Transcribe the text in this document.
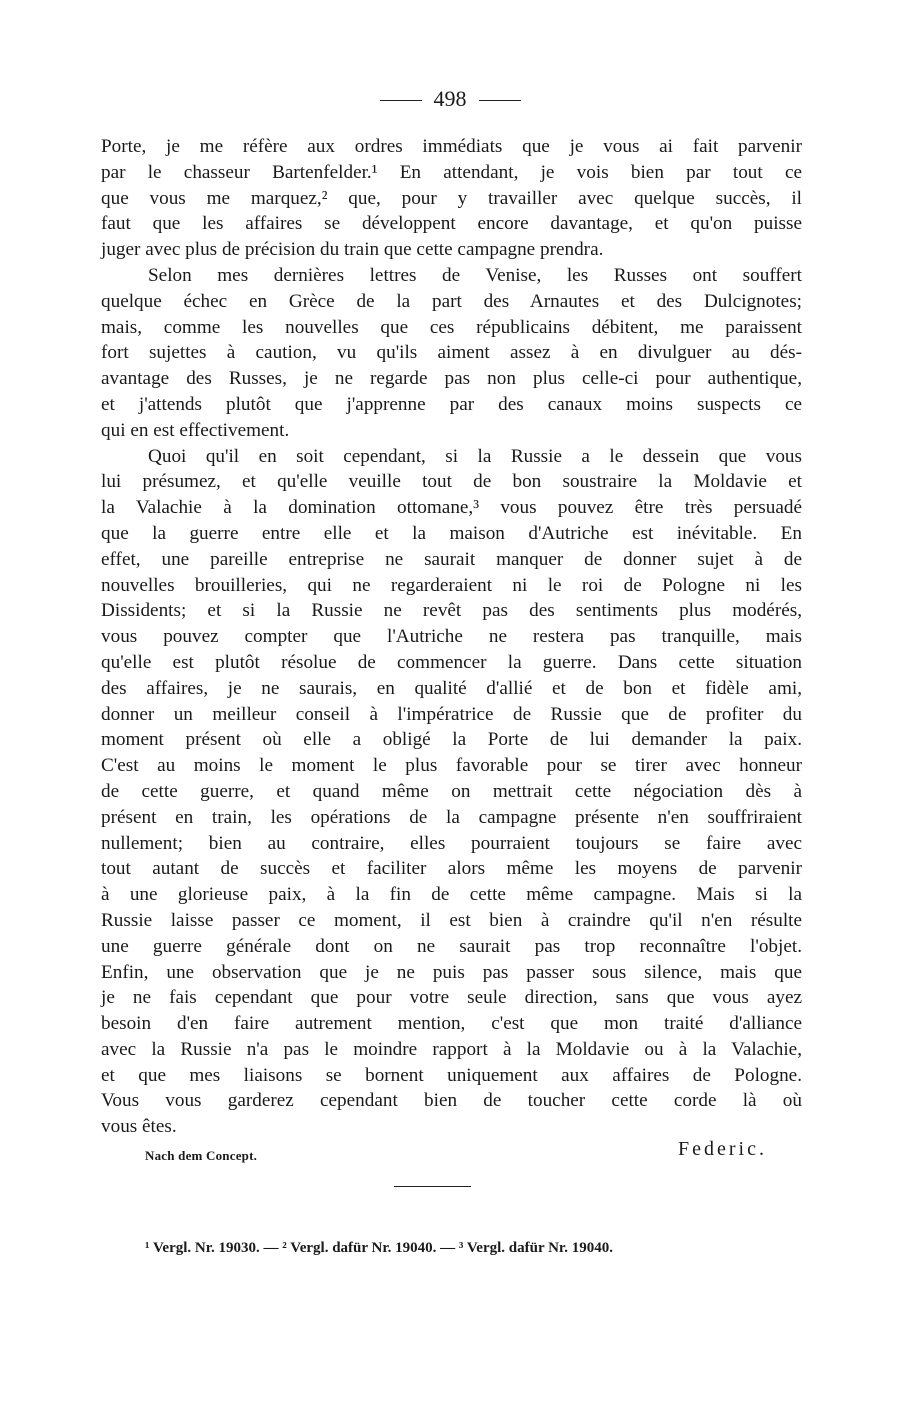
498

Porte, je me réfère aux ordres immédiats que je vous ai fait parvenir
par le chasseur Bartenfelder.¹ En attendant, je vois bien par tout ce
que vous me marquez,² que, pour y travailler avec quelque succès, il
faut que les affaires se développent encore davantage, et qu'on puisse
juger avec plus de précision du train que cette campagne prendra.

Selon mes dernières lettres de Venise, les Russes ont souffert
quelque échec en Grèce de la part des Arnautes et des Dulcignotes;
mais, comme les nouvelles que ces républicains débitent, me paraissent
fort sujettes à caution, vu qu'ils aiment assez à en divulguer au dés-
avantage des Russes, je ne regarde pas non plus celle-ci pour authentique,
et j'attends plutôt que j'apprenne par des canaux moins suspects ce
qui en est effectivement.

Quoi qu'il en soit cependant, si la Russie a le dessein que vous
lui présumez, et qu'elle veuille tout de bon soustraire la Moldavie et
la Valachie à la domination ottomane,³ vous pouvez être très persuadé
que la guerre entre elle et la maison d'Autriche est inévitable. En
effet, une pareille entreprise ne saurait manquer de donner sujet à de
nouvelles brouilleries, qui ne regarderaient ni le roi de Pologne ni les
Dissidents; et si la Russie ne revêt pas des sentiments plus modérés,
vous pouvez compter que l'Autriche ne restera pas tranquille, mais
qu'elle est plutôt résolue de commencer la guerre. Dans cette situation
des affaires, je ne saurais, en qualité d'allié et de bon et fidèle ami,
donner un meilleur conseil à l'impératrice de Russie que de profiter du
moment présent où elle a obligé la Porte de lui demander la paix.
C'est au moins le moment le plus favorable pour se tirer avec honneur
de cette guerre, et quand même on mettrait cette négociation dès à
présent en train, les opérations de la campagne présente n'en souffriraient
nullement; bien au contraire, elles pourraient toujours se faire avec
tout autant de succès et faciliter alors même les moyens de parvenir
à une glorieuse paix, à la fin de cette même campagne. Mais si la
Russie laisse passer ce moment, il est bien à craindre qu'il n'en résulte
une guerre générale dont on ne saurait pas trop reconnaître l'objet.
Enfin, une observation que je ne puis pas passer sous silence, mais que
je ne fais cependant que pour votre seule direction, sans que vous ayez
besoin d'en faire autrement mention, c'est que mon traité d'alliance
avec la Russie n'a pas le moindre rapport à la Moldavie ou à la Valachie,
et que mes liaisons se bornent uniquement aux affaires de Pologne.
Vous vous garderez cependant bien de toucher cette corde là où
vous êtes.

Nach dem Concept.	Federic.
¹ Vergl. Nr. 19030. — ² Vergl. dafür Nr. 19040. — ³ Vergl. dafür Nr. 19040.
